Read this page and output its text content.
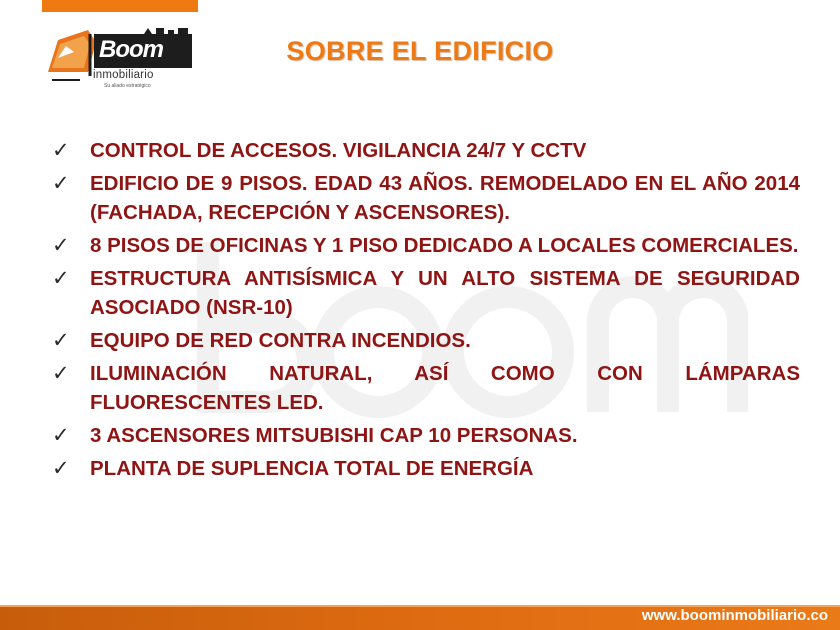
Boom
inmobiliario
Su aliado estratégico
SOBRE EL EDIFICIO
✓ CONTROL DE ACCESOS. VIGILANCIA 24/7 Y CCTV
✓ EDIFICIO DE 9 PISOS. EDAD 43 AÑOS. REMODELADO EN EL AÑO 2014 (FACHADA, RECEPCIÓN Y ASCENSORES).
✓ 8 PISOS DE OFICINAS Y 1 PISO DEDICADO A LOCALES COMERCIALES.
✓ ESTRUCTURA ANTISÍSMICA Y UN ALTO SISTEMA DE SEGURIDAD ASOCIADO (NSR-10)
✓ EQUIPO DE RED CONTRA INCENDIOS.
✓ ILUMINACIÓN NATURAL, ASÍ COMO CON LÁMPARAS FLUORESCENTES LED.
✓ 3 ASCENSORES MITSUBISHI CAP 10 PERSONAS.
✓ PLANTA DE SUPLENCIA TOTAL DE ENERGÍA
www.boominmobiliario.co
